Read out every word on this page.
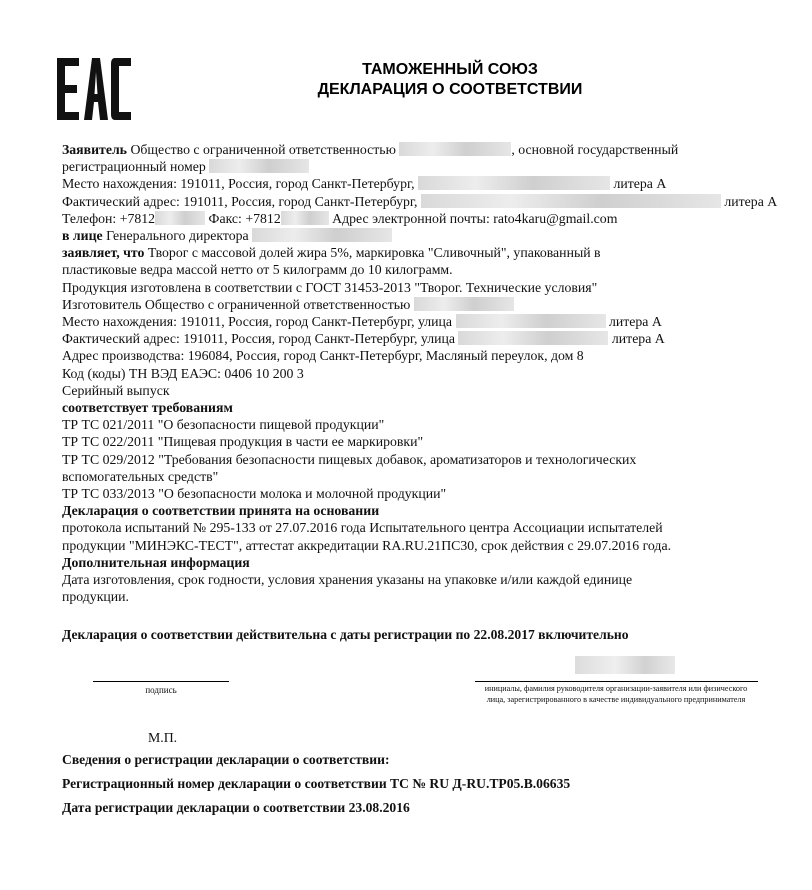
ТАМОЖЕННЫЙ СОЮЗ
ДЕКЛАРАЦИЯ О СООТВЕТСТВИИ
Заявитель Общество с ограниченной ответственностью	, основной государственный
регистрационный номер
Место нахождения: 191011, Россия, город Санкт-Петербург,	литера А
Фактический адрес: 191011, Россия, город Санкт-Петербург,	литера А
Телефон: +7812	Факс: +7812	Адрес электронной почты: rato4karu@gmail.com
в лице Генерального директора
заявляет, что Творог с массовой долей жира 5%, маркировка "Сливочный", упакованный в
пластиковые ведра массой нетто от 5 килограмм до 10 килограмм.
Продукция изготовлена в соответствии с ГОСТ 31453-2013 "Творог. Технические условия"
Изготовитель Общество с ограниченной ответственностью
Место нахождения: 191011, Россия, город Санкт-Петербург, улица	литера А
Фактический адрес: 191011, Россия, город Санкт-Петербург, улица	литера А
Адрес производства: 196084, Россия, город Санкт-Петербург, Масляный переулок, дом 8
Код (коды) ТН ВЭД ЕАЭС: 0406 10 200 3
Серийный выпуск
соответствует требованиям
ТР ТС 021/2011 "О безопасности пищевой продукции"
ТР ТС 022/2011 "Пищевая продукция в части ее маркировки"
ТР ТС 029/2012 "Требования безопасности пищевых добавок, ароматизаторов и технологических
вспомогательных средств"
ТР ТС 033/2013 "О безопасности молока и молочной продукции"
Декларация о соответствии принята на основании
протокола испытаний № 295-133 от 27.07.2016 года Испытательного центра Ассоциации испытателей
продукции "МИНЭКС-ТЕСТ", аттестат аккредитации RA.RU.21ПС30, срок действия с 29.07.2016 года.
Дополнительная информация
Дата изготовления, срок годности, условия хранения указаны на упаковке и/или каждой единице
продукции.
Декларация о соответствии действительна с даты регистрации по 22.08.2017 включительно
подпись	инициалы, фамилия руководителя организации-заявителя или физического лица, зарегистрированного в качестве индивидуального предпринимателя
М.П.
Сведения о регистрации декларации о соответствии:
Регистрационный номер декларации о соответствии ТС № RU Д-RU.ТР05.В.06635
Дата регистрации декларации о соответствии 23.08.2016
